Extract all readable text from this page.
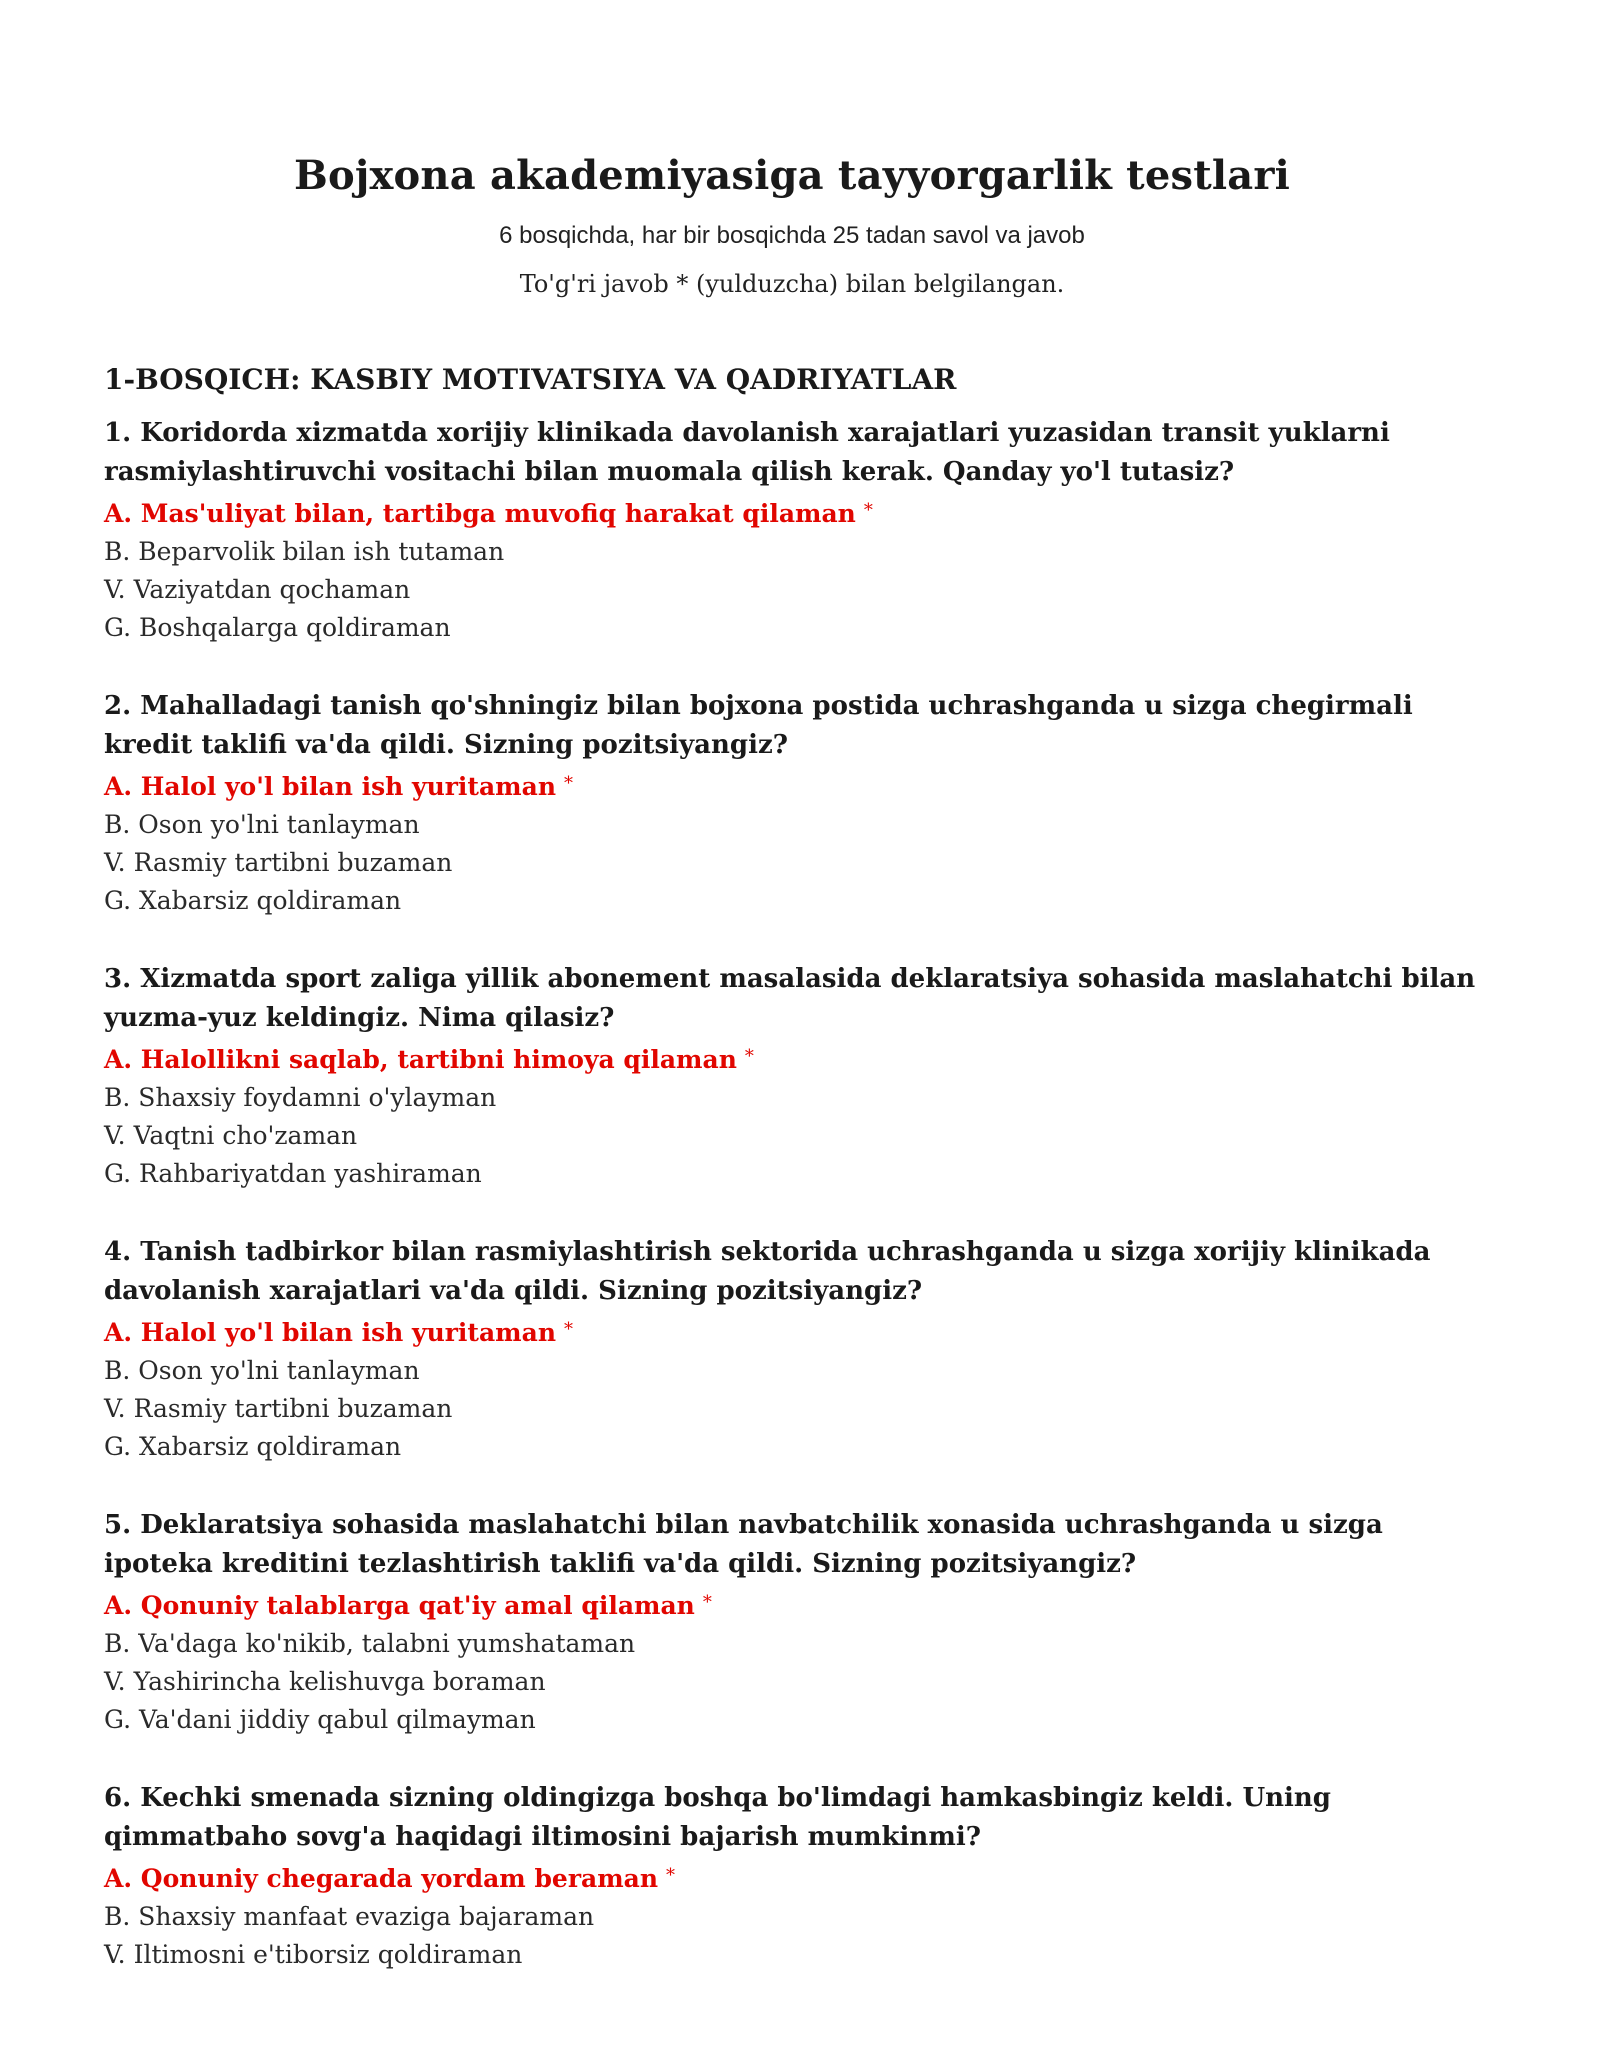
Bojxona akademiyasiga tayyorgarlik testlari
6 bosqichda, har bir bosqichda 25 tadan savol va javob
To'g'ri javob * (yulduzcha) bilan belgilangan.
1-BOSQICH: KASBIY MOTIVATSIYA VA QADRIYATLAR
1. Koridorda xizmatda xorijiy klinikada davolanish xarajatlari yuzasidan transit yuklarni rasmiylashtiruvchi vositachi bilan muomala qilish kerak. Qanday yo'l tutasiz?
A. Mas'uliyat bilan, tartibga muvofiq harakat qilaman *
B. Beparvolik bilan ish tutaman
V. Vaziyatdan qochaman
G. Boshqalarga qoldiraman
2. Mahalladagi tanish qo'shningiz bilan bojxona postida uchrashganda u sizga chegirmali kredit taklifi va'da qildi. Sizning pozitsiyangiz?
A. Halol yo'l bilan ish yuritaman *
B. Oson yo'lni tanlayman
V. Rasmiy tartibni buzaman
G. Xabarsiz qoldiraman
3. Xizmatda sport zaliga yillik abonement masalasida deklaratsiya sohasida maslahatchi bilan yuzma-yuz keldingiz. Nima qilasiz?
A. Halollikni saqlab, tartibni himoya qilaman *
B. Shaxsiy foydamni o'ylayman
V. Vaqtni cho'zaman
G. Rahbariyatdan yashiraman
4. Tanish tadbirkor bilan rasmiylashtirish sektorida uchrashganda u sizga xorijiy klinikada davolanish xarajatlari va'da qildi. Sizning pozitsiyangiz?
A. Halol yo'l bilan ish yuritaman *
B. Oson yo'lni tanlayman
V. Rasmiy tartibni buzaman
G. Xabarsiz qoldiraman
5. Deklaratsiya sohasida maslahatchi bilan navbatchilik xonasida uchrashganda u sizga ipoteka kreditini tezlashtirish taklifi va'da qildi. Sizning pozitsiyangiz?
A. Qonuniy talablarga qat'iy amal qilaman *
B. Va'daga ko'nikib, talabni yumshataman
V. Yashirincha kelishuvga boraman
G. Va'dani jiddiy qabul qilmayman
6. Kechki smenada sizning oldingizga boshqa bo'limdagi hamkasbingiz keldi. Uning qimmatbaho sovg'a haqidagi iltimosini bajarish mumkinmi?
A. Qonuniy chegarada yordam beraman *
B. Shaxsiy manfaat evaziga bajaraman
V. Iltimosni e'tiborsiz qoldiraman
